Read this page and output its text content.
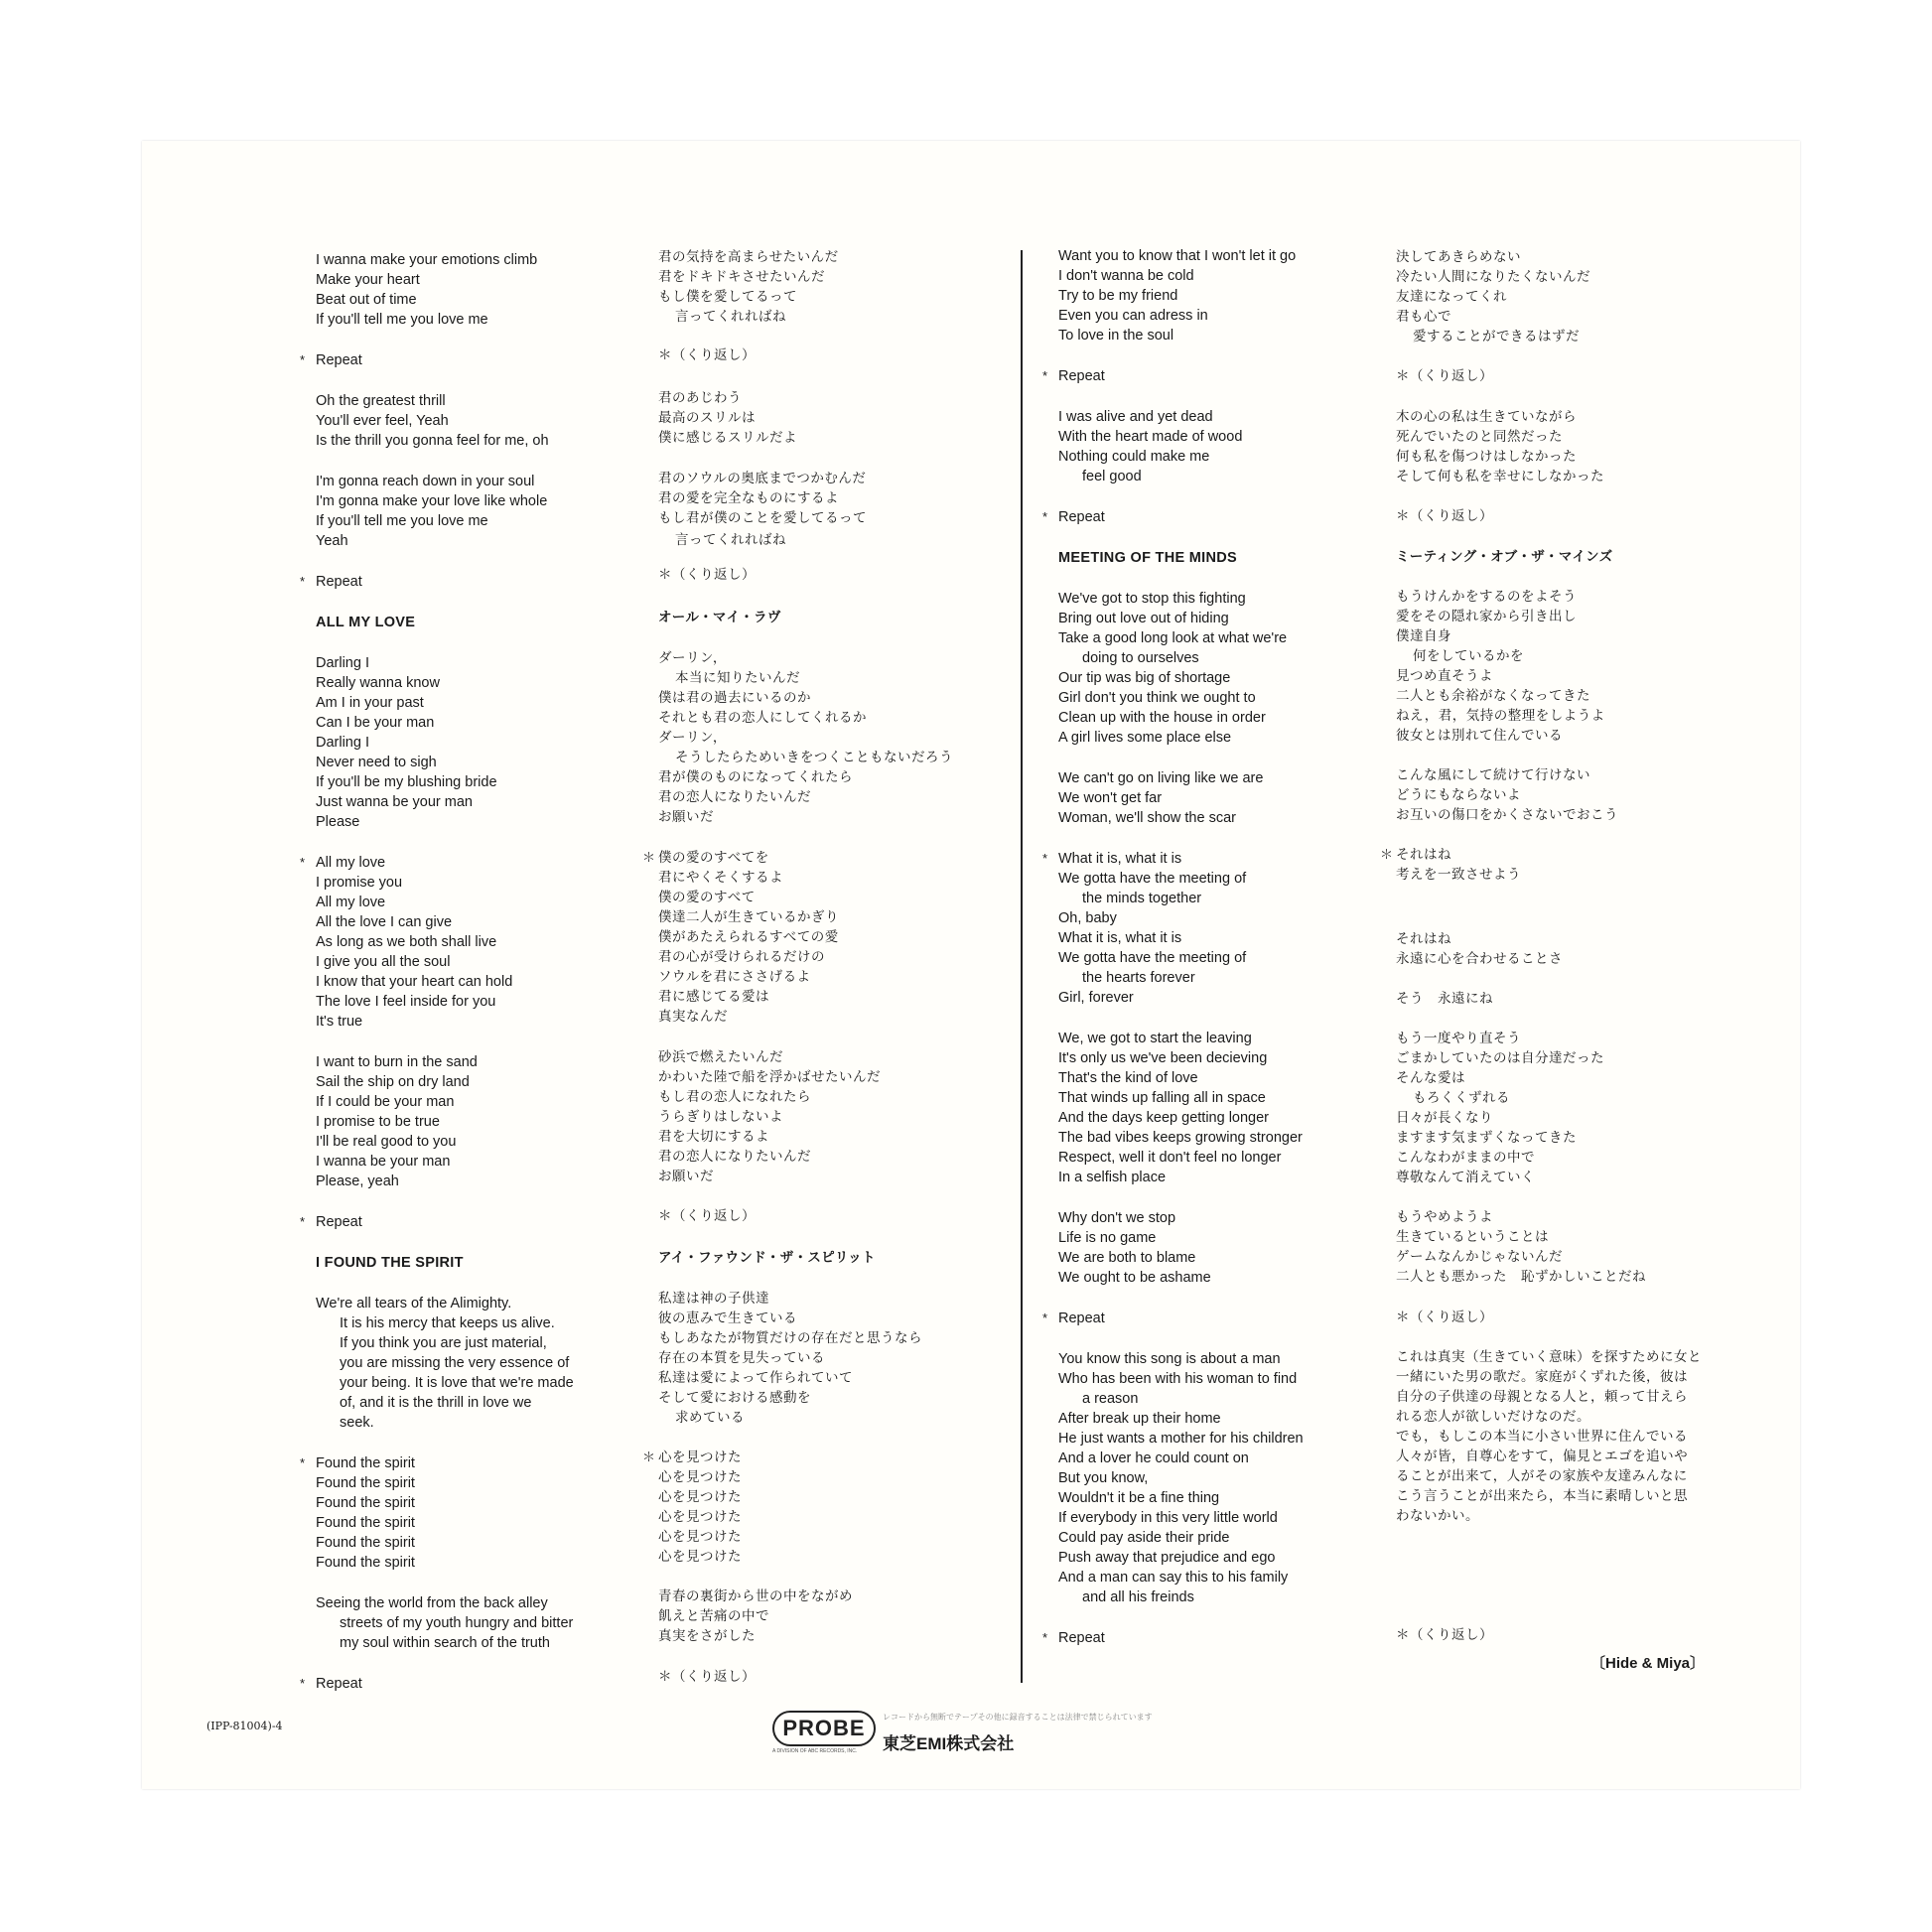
I wanna make your emotions climb
Make your heart
Beat out of time
If you'll tell me you love me
* Repeat
Oh the greatest thrill
You'll ever feel, Yeah
Is the thrill you gonna feel for me, oh
I'm gonna reach down in your soul
I'm gonna make your love like whole
If you'll tell me you love me
Yeah
* Repeat
ALL MY LOVE
Darling I
Really wanna know
Am I in your past
Can I be your man
Darling I
Never need to sigh
If you'll be my blushing bride
Just wanna be your man
Please
* All my love
I promise you
All my love
All the love I can give
As long as we both shall live
I give you all the soul
I know that your heart can hold
The love I feel inside for you
It's true
I want to burn in the sand
Sail the ship on dry land
If I could be your man
I promise to be true
I'll be real good to you
I wanna be your man
Please, yeah
* Repeat
I FOUND THE SPIRIT
We're all tears of the Alimighty.
It is his mercy that keeps us alive.
If you think you are just material,
you are missing the very essence of
your being. It is love that we're made
of, and it is the thrill in love we
seek.
* Found the spirit
Found the spirit
Found the spirit
Found the spirit
Found the spirit
Found the spirit
Seeing the world from the back alley
streets of my youth hungry and bitter
my soul within search of the truth
* Repeat
君の気持を高まらせたいんだ
君をドキドキさせたいんだ
もし僕を愛してるって
言ってくれればね
＊（くり返し）
君のあじわう
最高のスリルは
僕に感じるスリルだよ
君のソウルの奥底までつかむんだ
君の愛を完全なものにするよ
もし君が僕のことを愛してるって
言ってくれればね
＊（くり返し）
オール・マイ・ラヴ
ダーリン，
本当に知りたいんだ
僕は君の過去にいるのか
それとも君の恋人にしてくれるか
ダーリン，
そうしたらためいきをつくこともないだろう
君が僕のものになってくれたら
君の恋人になりたいんだ
お願いだ
＊ 僕の愛のすべてを
君にやくそくするよ
僕の愛のすべて
僕達二人が生きているかぎり
僕があたえられるすべての愛
君の心が受けられるだけの
ソウルを君にささげるよ
君に感じてる愛は
真実なんだ
砂浜で燃えたいんだ
かわいた陸で船を浮かばせたいんだ
もし君の恋人になれたら
うらぎりはしないよ
君を大切にするよ
君の恋人になりたいんだ
お願いだ
＊（くり返し）
アイ・ファウンド・ザ・スピリット
私達は神の子供達
彼の恵みで生きている
もしあなたが物質だけの存在だと思うなら
存在の本質を見失っている
私達は愛によって作られていて
そして愛における感動を
求めている
＊ 心を見つけた
心を見つけた
心を見つけた
心を見つけた
心を見つけた
心を見つけた
青春の裏街から世の中をながめ
飢えと苦痛の中で
真実をさがした
＊（くり返し）
Want you to know that I won't let it go
I don't wanna be cold
Try to be my friend
Even you can adress in
To love in the soul
* Repeat
I was alive and yet dead
With the heart made of wood
Nothing could make me
feel good
* Repeat
MEETING OF THE MINDS
We've got to stop this fighting
Bring out love out of hiding
Take a good long look at what we're
doing to ourselves
Our tip was big of shortage
Girl don't you think we ought to
Clean up with the house in order
A girl lives some place else
We can't go on living like we are
We won't get far
Woman, we'll show the scar
* What it is, what it is
We gotta have the meeting of
the minds together
Oh, baby
What it is, what it is
We gotta have the meeting of
the hearts forever
Girl, forever
We, we got to start the leaving
It's only us we've been decieving
That's the kind of love
That winds up falling all in space
And the days keep getting longer
The bad vibes keeps growing stronger
Respect, well it don't feel no longer
In a selfish place
Why don't we stop
Life is no game
We are both to blame
We ought to be ashame
* Repeat
You know this song is about a man
Who has been with his woman to find
a reason
After break up their home
He just wants a mother for his children
And a lover he could count on
But you know,
Wouldn't it be a fine thing
If everybody in this very little world
Could pay aside their pride
Push away that prejudice and ego
And a man can say this to his family
and all his freinds
* Repeat
決してあきらめない
冷たい人間になりたくないんだ
友達になってくれ
君も心で
愛することができるはずだ
＊（くり返し）
木の心の私は生きていながら
死んでいたのと同然だった
何も私を傷つけはしなかった
そして何も私を幸せにしなかった
＊（くり返し）
ミーティング・オブ・ザ・マインズ
もうけんかをするのをよそう
愛をその隠れ家から引き出し
僕達自身
何をしているかを
見つめ直そうよ
二人とも余裕がなくなってきた
ねえ，君，気持の整理をしようよ
彼女とは別れて住んでいる
こんな風にして続けて行けない
どうにもならないよ
お互いの傷口をかくさないでおこう
＊ それはね
考えを一致させよう
それはね
永遠に心を合わせることさ
そう　永遠にね
もう一度やり直そう
ごまかしていたのは自分達だった
そんな愛は
もろくくずれる
日々が長くなり
ますます気まずくなってきた
こんなわがままの中で
尊敬なんて消えていく
もうやめようよ
生きているということは
ゲームなんかじゃないんだ
二人とも悪かった　恥ずかしいことだね
＊（くり返し）
これは真実（生きていく意味）を探すために女と
一緒にいた男の歌だ。家庭がくずれた後，彼は
自分の子供達の母親となる人と，頼って甘えら
れる恋人が欲しいだけなのだ。
でも，もしこの本当に小さい世界に住んでいる
人々が皆，自尊心をすて，偏見とエゴを追いや
ることが出来て，人がその家族や友達みんなに
こう言うことが出来たら，本当に素晴しいと思
わないかい。
＊（くり返し）
〔Hide & Miya〕
(IPP-81004)-4	PROBE
A DIVISION OF ABC RECORDS, INC.
レコードから無断でテープその他に録音することは法律で禁じられています
東芝EMI株式会社
